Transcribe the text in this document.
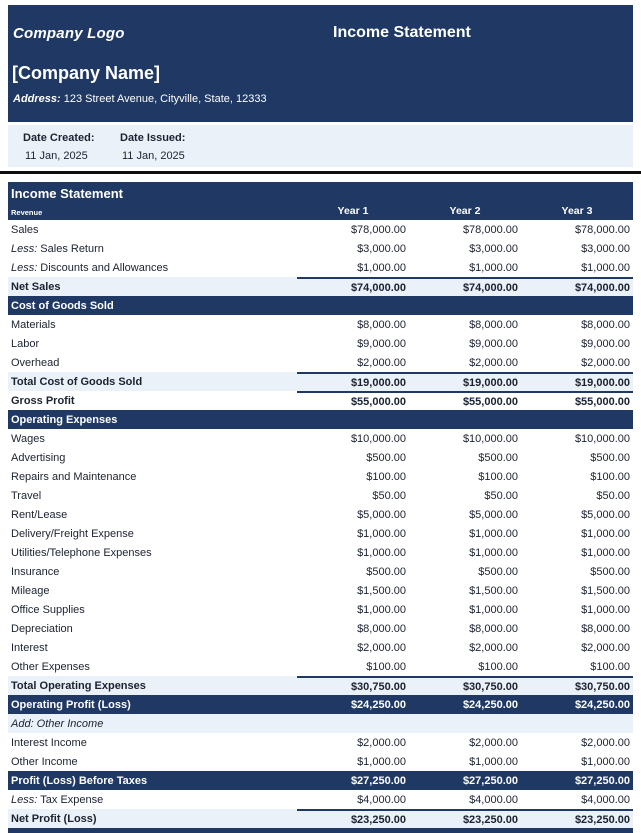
Company Logo	Income Statement
[Company Name]
Address: 123 Street Avenue, Cityville, State, 12333
Date Created:
11 Jan, 2025
Date Issued:
11 Jan, 2025
Income Statement
Revenue	Year 1	Year 2	Year 3
Sales	$78,000.00	$78,000.00	$78,000.00
Less: Sales Return	$3,000.00	$3,000.00	$3,000.00
Less: Discounts and Allowances	$1,000.00	$1,000.00	$1,000.00
Net Sales	$74,000.00	$74,000.00	$74,000.00
Cost of Goods Sold
Materials	$8,000.00	$8,000.00	$8,000.00
Labor	$9,000.00	$9,000.00	$9,000.00
Overhead	$2,000.00	$2,000.00	$2,000.00
Total Cost of Goods Sold	$19,000.00	$19,000.00	$19,000.00
Gross Profit	$55,000.00	$55,000.00	$55,000.00
Operating Expenses
Wages	$10,000.00	$10,000.00	$10,000.00
Advertising	$500.00	$500.00	$500.00
Repairs and Maintenance	$100.00	$100.00	$100.00
Travel	$50.00	$50.00	$50.00
Rent/Lease	$5,000.00	$5,000.00	$5,000.00
Delivery/Freight Expense	$1,000.00	$1,000.00	$1,000.00
Utilities/Telephone Expenses	$1,000.00	$1,000.00	$1,000.00
Insurance	$500.00	$500.00	$500.00
Mileage	$1,500.00	$1,500.00	$1,500.00
Office Supplies	$1,000.00	$1,000.00	$1,000.00
Depreciation	$8,000.00	$8,000.00	$8,000.00
Interest	$2,000.00	$2,000.00	$2,000.00
Other Expenses	$100.00	$100.00	$100.00
Total Operating Expenses	$30,750.00	$30,750.00	$30,750.00
Operating Profit (Loss)	$24,250.00	$24,250.00	$24,250.00
Add: Other Income
Interest Income	$2,000.00	$2,000.00	$2,000.00
Other Income	$1,000.00	$1,000.00	$1,000.00
Profit (Loss) Before Taxes	$27,250.00	$27,250.00	$27,250.00
Less: Tax Expense	$4,000.00	$4,000.00	$4,000.00
Net Profit (Loss)	$23,250.00	$23,250.00	$23,250.00
